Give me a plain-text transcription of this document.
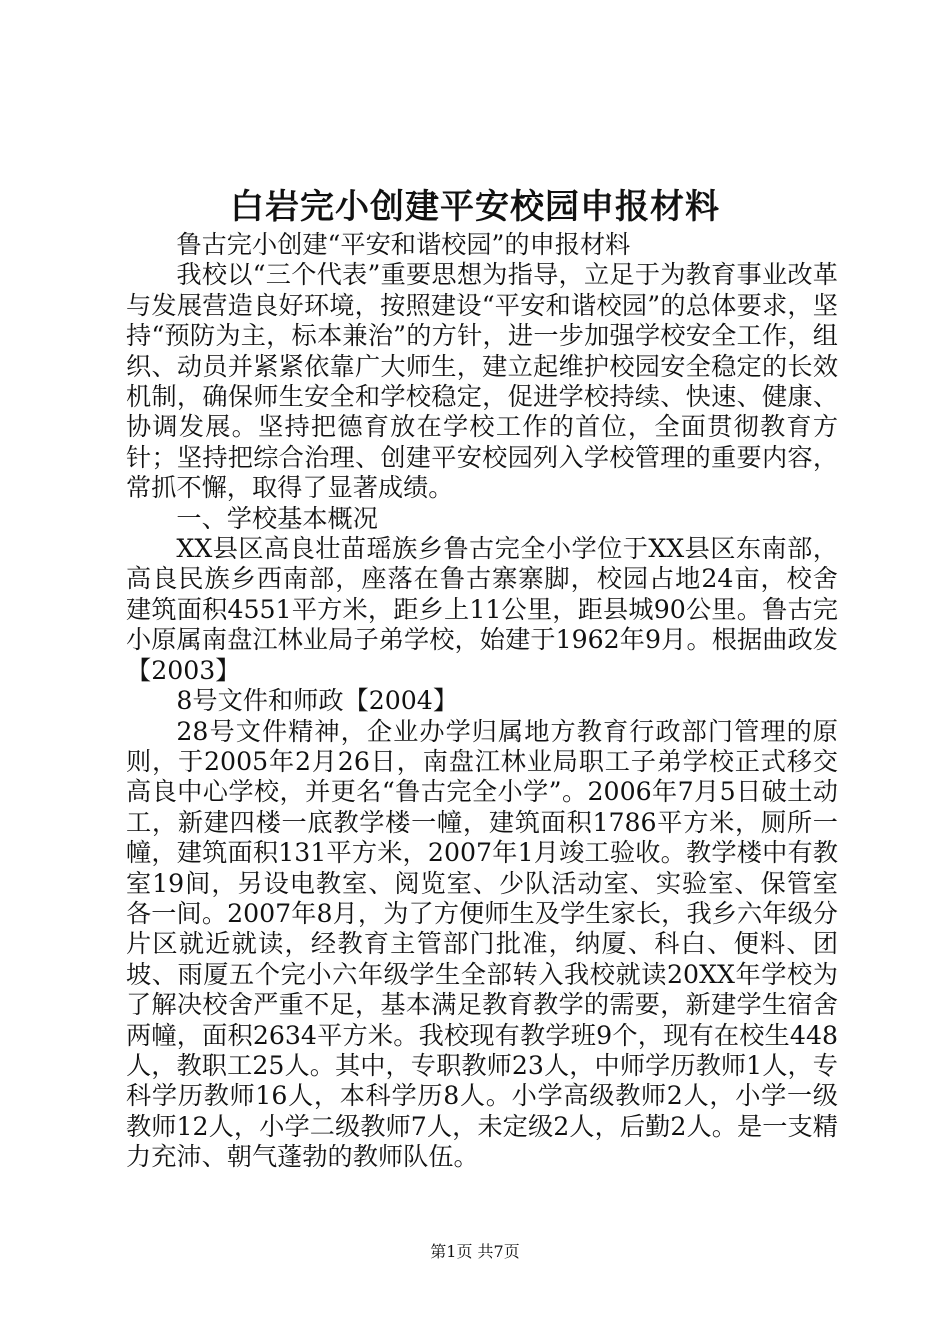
白岩完小创建平安校园申报材料

鲁古完小创建“平安和谐校园”的申报材料

我校以“三个代表”重要思想为指导，立足于为教育事业改革与发展营造良好环境，按照建设“平安和谐校园”的总体要求，坚持“预防为主，标本兼治”的方针，进一步加强学校安全工作，组织、动员并紧紧依靠广大师生，建立起维护校园安全稳定的长效机制，确保师生安全和学校稳定，促进学校持续、快速、健康、协调发展。坚持把德育放在学校工作的首位，全面贯彻教育方针；坚持把综合治理、创建平安校园列入学校管理的重要内容，常抓不懈，取得了显著成绩。

一、学校基本概况

XX县区高良壮苗瑶族乡鲁古完全小学位于XX县区东南部，高良民族乡西南部，座落在鲁古寨寨脚，校园占地24亩，校舍建筑面积4551平方米，距乡上11公里，距县城90公里。鲁古完小原属南盘江林业局子弟学校，始建于1962年9月。根据曲政发【2003】

8号文件和师政【2004】

28号文件精神，企业办学归属地方教育行政部门管理的原则，于2005年2月26日，南盘江林业局职工子弟学校正式移交高良中心学校，并更名“鲁古完全小学”。2006年7月5日破土动工，新建四楼一底教学楼一幢，建筑面积1786平方米，厕所一幢，建筑面积131平方米，2007年1月竣工验收。教学楼中有教室19间，另设电教室、阅览室、少队活动室、实验室、保管室各一间。2007年8月，为了方便师生及学生家长，我乡六年级分片区就近就读，经教育主管部门批准，纳厦、科白、便料、团坡、雨厦五个完小六年级学生全部转入我校就读20XX年学校为了解决校舍严重不足，基本满足教育教学的需要，新建学生宿舍两幢，面积2634平方米。我校现有教学班9个，现有在校生448人，教职工25人。其中，专职教师23人，中师学历教师1人，专科学历教师16人，本科学历8人。小学高级教师2人，小学一级教师12人，小学二级教师7人，未定级2人，后勤2人。是一支精力充沛、朝气蓬勃的教师队伍。

第1页 共7页
